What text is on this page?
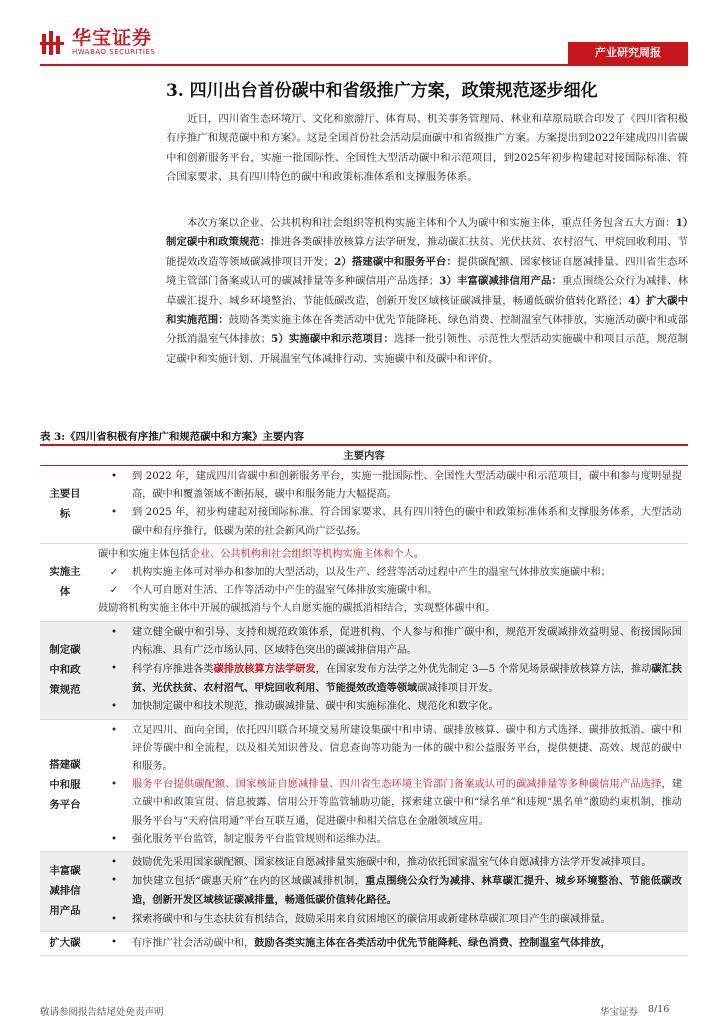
华宝证券
HWABAO SECURITIES	产业研究周报
3. 四川出台首份碳中和省级推广方案，政策规范逐步细化
近日，四川省生态环境厅、文化和旅游厅、体育局、机关事务管理局、林业和草原局联合印发了《四川省积极有序推广和规范碳中和方案》。这是全国首份社会活动层面碳中和省级推广方案。方案提出到2022年建成四川省碳中和创新服务平台，实施一批国际性、全国性大型活动碳中和示范项目，到2025年初步构建起对接国际标准、符合国家要求、具有四川特色的碳中和政策标准体系和支撑服务体系。
本次方案以企业、公共机构和社会组织等机构实施主体和个人为碳中和实施主体，重点任务包含五大方面：1）制定碳中和政策规范：推进各类碳排放核算方法学研发，推动碳汇扶贫、光伏扶贫、农村沼气、甲烷回收利用、节能提效改造等领域碳减排项目开发；2）搭建碳中和服务平台：提供碳配额、国家核证自愿减排量、四川省生态环境主管部门备案或认可的碳减排量等多种碳信用产品选择；3）丰富碳减排信用产品：重点围绕公众行为减排、林草碳汇提升、城乡环境整治、节能低碳改造，创新开发区域核证碳减排量，畅通低碳价值转化路径；4）扩大碳中和实施范围：鼓励各类实施主体在各类活动中优先节能降耗、绿色消费、控制温室气体排放，实施活动碳中和或部分抵消温室气体排放；5）实施碳中和示范项目：选择一批引领性、示范性大型活动实施碳中和项目示范，规范制定碳中和实施计划、开展温室气体减排行动、实施碳中和及碳中和评价。
表 3:《四川省积极有序推广和规范碳中和方案》主要内容
主要内容
主要目标
•	到 2022 年，建成四川省碳中和创新服务平台，实施一批国际性、全国性大型活动碳中和示范项目，碳中和参与度明显提高，碳中和覆盖领域不断拓展，碳中和服务能力大幅提高。
•	到 2025 年，初步构建起对接国际标准、符合国家要求、具有四川特色的碳中和政策标准体系和支撑服务体系，大型活动碳中和有序推行，低碳为荣的社会新风尚广泛弘扬。
实施主体
碳中和实施主体包括企业、公共机构和社会组织等机构实施主体和个人。
✓	机构实施主体可对举办和参加的大型活动，以及生产、经营等活动过程中产生的温室气体排放实施碳中和；
✓	个人可自愿对生活、工作等活动中产生的温室气体排放实施碳中和。
鼓励将机构实施主体中开展的碳抵消与个人自愿实施的碳抵消相结合，实现整体碳中和。
制定碳中和政策规范
•	建立健全碳中和引导、支持和规范政策体系，促进机构、个人参与和推广碳中和，规范开发碳减排效益明显、衔接国际国内标准、具有广泛市场认同、区域特色突出的碳减排信用产品。
•	科学有序推进各类碳排放核算方法学研发，在国家发布方法学之外优先制定 3—5 个常见场景碳排放核算方法，推动碳汇扶贫、光伏扶贫、农村沼气、甲烷回收利用、节能提效改造等领域碳减排项目开发。
•	加快制定碳中和技术规范，推动碳减排量、碳中和实施标准化、规范化和数字化。
搭建碳中和服务平台
•	立足四川、面向全国，依托四川联合环境交易所建设集碳中和申请、碳排放核算、碳中和方式选择、碳排放抵消、碳中和评价等碳中和全流程，以及相关知识普及、信息查询等功能为一体的碳中和公益服务平台，提供便捷、高效、规范的碳中和服务。
•	服务平台提供碳配额、国家核证自愿减排量、四川省生态环境主管部门备案或认可的碳减排量等多种碳信用产品选择，建立碳中和政策宣贯、信息披露、信用公开等监管辅助功能，探索建立碳中和“绿名单”和违规“黑名单”激励约束机制，推动服务平台与“天府信用通”平台互联互通，促进碳中和相关信息在金融领域应用。
•	强化服务平台监管，制定服务平台监管规则和运维办法。
丰富碳减排信用产品
•	鼓励优先采用国家碳配额、国家核证自愿减排量实施碳中和，推动依托国家温室气体自愿减排方法学开发减排项目。
•	加快建立包括“碳惠天府”在内的区域碳减排机制，重点围绕公众行为减排、林草碳汇提升、城乡环境整治、节能低碳改造，创新开发区域核证碳减排量，畅通低碳价值转化路径。
•	探索将碳中和与生态扶贫有机结合，鼓励采用来自贫困地区的碳信用或新建林草碳汇项目产生的碳减排量。
扩大碳	•	有序推广社会活动碳中和，鼓励各类实施主体在各类活动中优先节能降耗、绿色消费、控制温室气体排放，
敬请参阅报告结尾处免责声明	华宝证券 8/16
